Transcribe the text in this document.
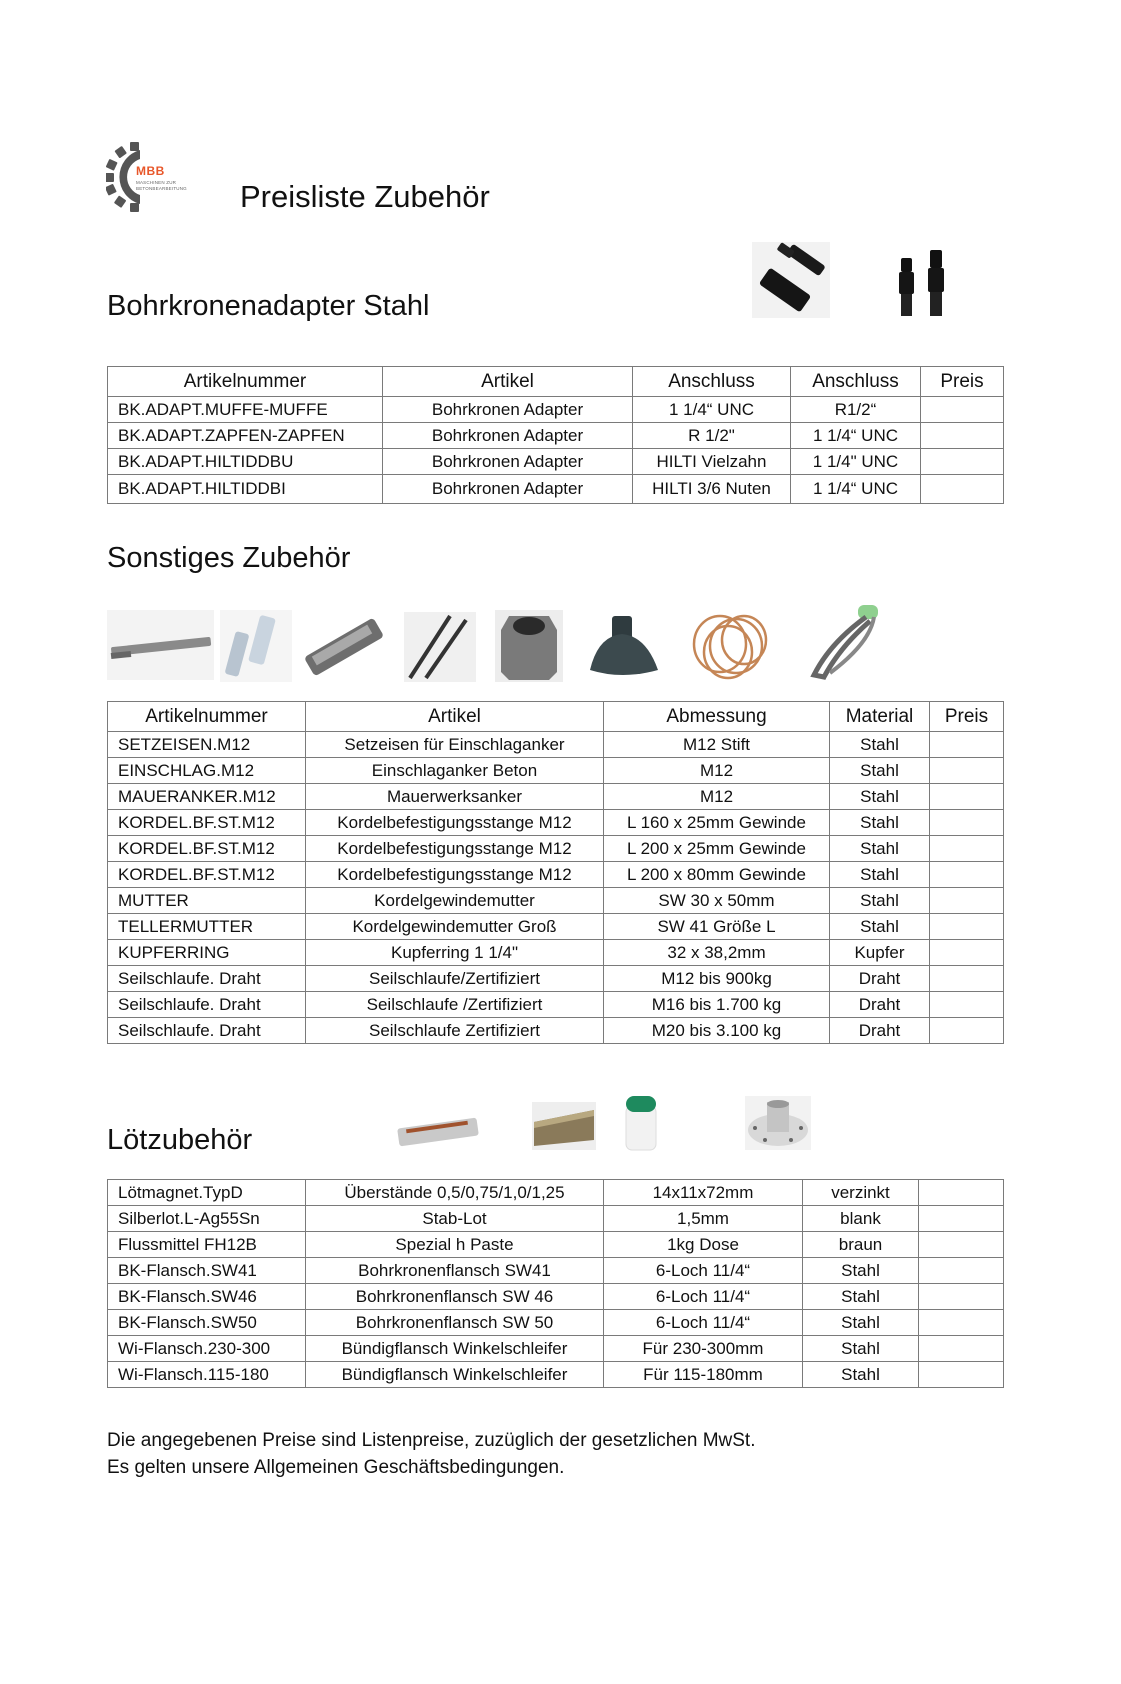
MBB
MASCHINEN ZUR
BETONBEARBEITUNG Preisliste Zubehör
Bohrkronenadapter Stahl
Artikelnummer	Artikel	Anschluss	Anschluss	Preis
BK.ADAPT.MUFFE-MUFFE	Bohrkronen Adapter	1 1/4“ UNC	R1/2“	
BK.ADAPT.ZAPFEN-ZAPFEN	Bohrkronen Adapter	R 1/2"	1 1/4“ UNC	
BK.ADAPT.HILTIDDBU	Bohrkronen Adapter	HILTI Vielzahn	1 1/4" UNC	
BK.ADAPT.HILTIDDBI	Bohrkronen Adapter	HILTI 3/6 Nuten	1 1/4“ UNC	
Sonstiges Zubehör
Artikelnummer	Artikel	Abmessung	Material	Preis
SETZEISEN.M12	Setzeisen für Einschlaganker	M12 Stift	Stahl	
EINSCHLAG.M12	Einschlaganker Beton	M12	Stahl	
MAUERANKER.M12	Mauerwerksanker	M12	Stahl	
KORDEL.BF.ST.M12	Kordelbefestigungsstange M12	L 160 x 25mm Gewinde	Stahl	
KORDEL.BF.ST.M12	Kordelbefestigungsstange M12	L 200 x 25mm Gewinde	Stahl	
KORDEL.BF.ST.M12	Kordelbefestigungsstange M12	L 200 x 80mm Gewinde	Stahl	
MUTTER	Kordelgewindemutter	SW 30 x 50mm	Stahl	
TELLERMUTTER	Kordelgewindemutter Groß	SW 41 Größe L	Stahl	
KUPFERRING	Kupferring 1 1/4"	32 x 38,2mm	Kupfer	
Seilschlaufe. Draht	Seilschlaufe/Zertifiziert	M12 bis 900kg	Draht	
Seilschlaufe. Draht	Seilschlaufe /Zertifiziert	M16 bis 1.700 kg	Draht	
Seilschlaufe. Draht	Seilschlaufe Zertifiziert	M20 bis 3.100 kg	Draht	
Lötzubehör
Lötmagnet.TypD	Überstände 0,5/0,75/1,0/1,25	14x11x72mm	verzinkt	
Silberlot.L-Ag55Sn	Stab-Lot	1,5mm	blank	
Flussmittel FH12B	Spezial h Paste	1kg Dose	braun	
BK-Flansch.SW41	Bohrkronenflansch SW41	6-Loch 11/4“	Stahl	
BK-Flansch.SW46	Bohrkronenflansch SW 46	6-Loch 11/4“	Stahl	
BK-Flansch.SW50	Bohrkronenflansch SW 50	6-Loch 11/4“	Stahl	
Wi-Flansch.230-300	Bündigflansch Winkelschleifer	Für 230-300mm	Stahl	
Wi-Flansch.115-180	Bündigflansch Winkelschleifer	Für 115-180mm	Stahl	
Die angegebenen Preise sind Listenpreise, zuzüglich der gesetzlichen MwSt.
Es gelten unsere Allgemeinen Geschäftsbedingungen.
